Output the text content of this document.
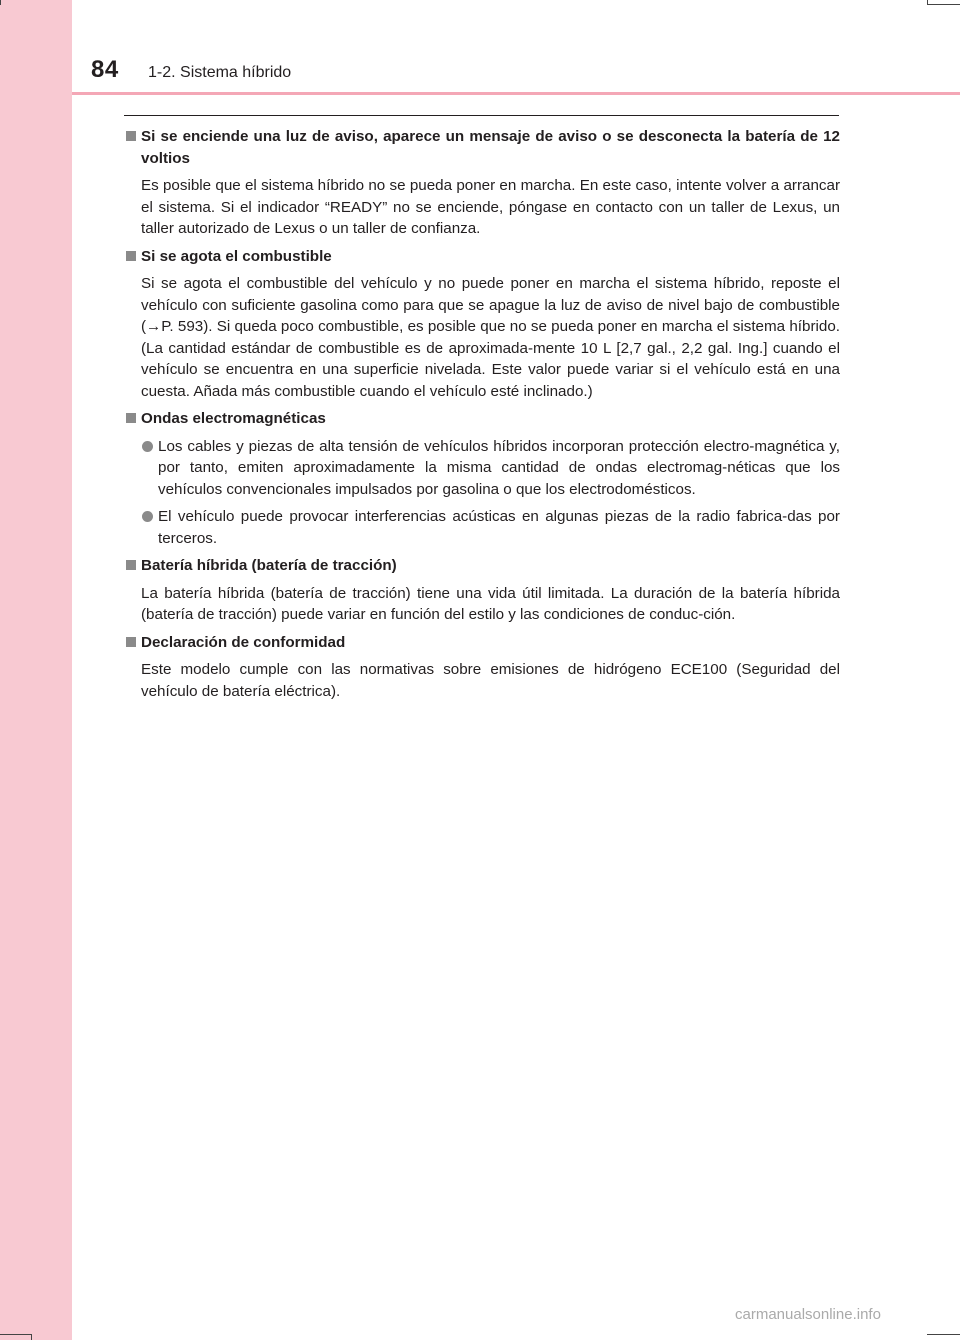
84 1-2. Sistema híbrido
Si se enciende una luz de aviso, aparece un mensaje de aviso o se desconecta la batería de 12 voltios
Es posible que el sistema híbrido no se pueda poner en marcha. En este caso, intente volver a arrancar el sistema. Si el indicador “READY” no se enciende, póngase en contacto con un taller de Lexus, un taller autorizado de Lexus o un taller de confianza.
Si se agota el combustible
Si se agota el combustible del vehículo y no puede poner en marcha el sistema híbrido, reposte el vehículo con suficiente gasolina como para que se apague la luz de aviso de nivel bajo de combustible (→P. 593). Si queda poco combustible, es posible que no se pueda poner en marcha el sistema híbrido. (La cantidad estándar de combustible es de aproximada-mente 10 L [2,7 gal., 2,2 gal. Ing.] cuando el vehículo se encuentra en una superficie nivelada. Este valor puede variar si el vehículo está en una cuesta. Añada más combustible cuando el vehículo esté inclinado.)
Ondas electromagnéticas
Los cables y piezas de alta tensión de vehículos híbridos incorporan protección electro-magnética y, por tanto, emiten aproximadamente la misma cantidad de ondas electromag-néticas que los vehículos convencionales impulsados por gasolina o que los electrodomésticos.
El vehículo puede provocar interferencias acústicas en algunas piezas de la radio fabrica-das por terceros.
Batería híbrida (batería de tracción)
La batería híbrida (batería de tracción) tiene una vida útil limitada. La duración de la batería híbrida (batería de tracción) puede variar en función del estilo y las condiciones de conduc-ción.
Declaración de conformidad
Este modelo cumple con las normativas sobre emisiones de hidrógeno ECE100 (Seguridad del vehículo de batería eléctrica).
carmanualsonline.info
